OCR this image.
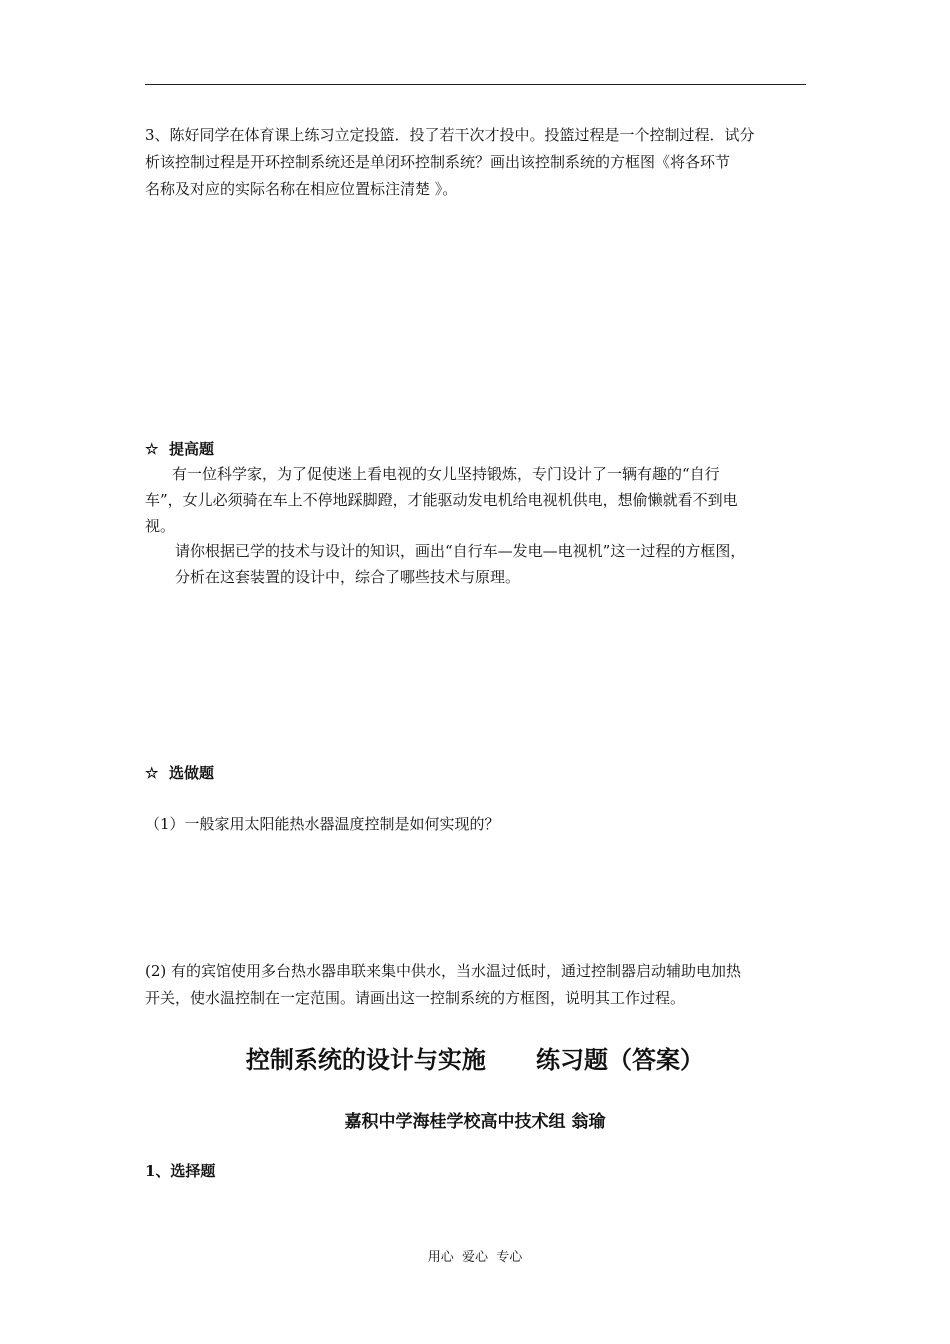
3、陈好同学在体育课上练习立定投篮．投了若干次才投中。投篮过程是一个控制过程．试分

析该控制过程是开环控制系统还是单闭环控制系统？画出该控制系统的方框图《将各环节

名称及对应的实际名称在相应位置标注清楚 》。

☆ 提高题

有一位科学家，为了促使迷上看电视的女儿坚持锻炼，专门设计了一辆有趣的“自行

车”，女儿必须骑在车上不停地踩脚蹬，才能驱动发电机给电视机供电，想偷懒就看不到电

视。

请你根据已学的技术与设计的知识，画出“自行车—发电—电视机”这一过程的方框图，

分析在这套装置的设计中，综合了哪些技术与原理。

☆ 选做题

（1）一般家用太阳能热水器温度控制是如何实现的？

(2) 有的宾馆使用多台热水器串联来集中供水，当水温过低时，通过控制器启动辅助电加热

开关，使水温控制在一定范围。请画出这一控制系统的方框图，说明其工作过程。

控制系统的设计与实施      练习题（答案）

嘉积中学海桂学校高中技术组 翁瑜

1、选择题

用心  爱心  专心
